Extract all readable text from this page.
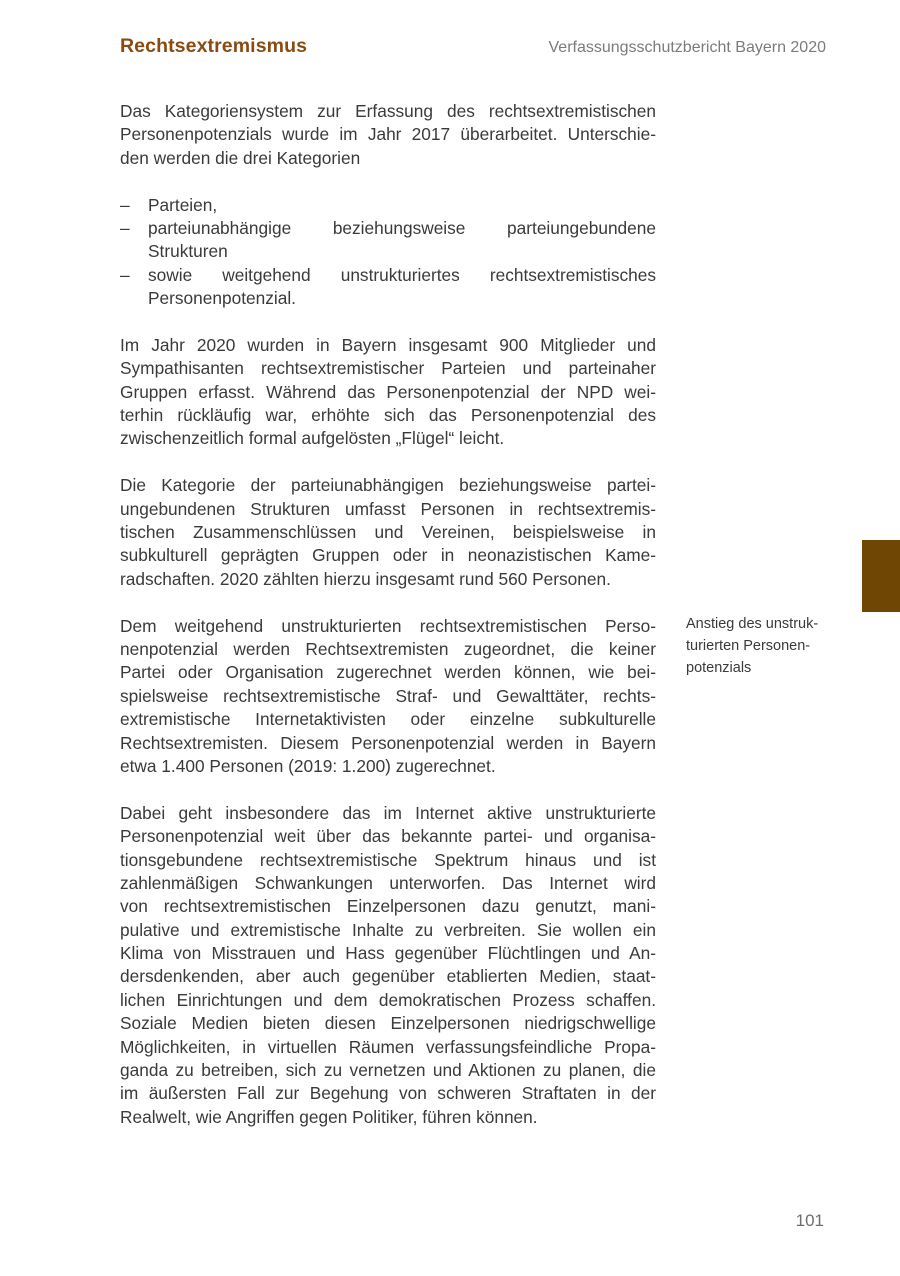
Rechtsextremismus	Verfassungsschutzbericht Bayern 2020
Das Kategoriensystem zur Erfassung des rechtsextremistischen
Personenpotenzials wurde im Jahr 2017 überarbeitet. Unterschie-
den werden die drei Kategorien
– Parteien,
– parteiunabhängige beziehungsweise parteiungebundene
Strukturen
– sowie weitgehend unstrukturiertes rechtsextremistisches
Personenpotenzial.
Im Jahr 2020 wurden in Bayern insgesamt 900 Mitglieder und
Sympathisanten rechtsextremistischer Parteien und parteinaher
Gruppen erfasst. Während das Personenpotenzial der NPD wei-
terhin rückläufig war, erhöhte sich das Personenpotenzial des
zwischenzeitlich formal aufgelösten „Flügel“ leicht.
Die Kategorie der parteiunabhängigen beziehungsweise partei-
ungebundenen Strukturen umfasst Personen in rechtsextremis-
tischen Zusammenschlüssen und Vereinen, beispielsweise in
subkulturell geprägten Gruppen oder in neonazistischen Kame-
radschaften. 2020 zählten hierzu insgesamt rund 560 Personen.
Dem weitgehend unstrukturierten rechtsextremistischen Perso-
nenpotenzial werden Rechtsextremisten zugeordnet, die keiner
Partei oder Organisation zugerechnet werden können, wie bei-
spielsweise rechtsextremistische Straf- und Gewalttäter, rechts-
extremistische Internetaktivisten oder einzelne subkulturelle
Rechtsextremisten. Diesem Personenpotenzial werden in Bayern
etwa 1.400 Personen (2019: 1.200) zugerechnet.
Dabei geht insbesondere das im Internet aktive unstrukturierte
Personenpotenzial weit über das bekannte partei- und organisa-
tionsgebundene rechtsextremistische Spektrum hinaus und ist
zahlenmäßigen Schwankungen unterworfen. Das Internet wird
von rechtsextremistischen Einzelpersonen dazu genutzt, mani-
pulative und extremistische Inhalte zu verbreiten. Sie wollen ein
Klima von Misstrauen und Hass gegenüber Flüchtlingen und An-
dersdenkenden, aber auch gegenüber etablierten Medien, staat-
lichen Einrichtungen und dem demokratischen Prozess schaffen.
Soziale Medien bieten diesen Einzelpersonen niedrigschwellige
Möglichkeiten, in virtuellen Räumen verfassungsfeindliche Propa-
ganda zu betreiben, sich zu vernetzen und Aktionen zu planen, die
im äußersten Fall zur Begehung von schweren Straftaten in der
Realwelt, wie Angriffen gegen Politiker, führen können.
Anstieg des unstruk-
turierten Personen-
potenzials
101
